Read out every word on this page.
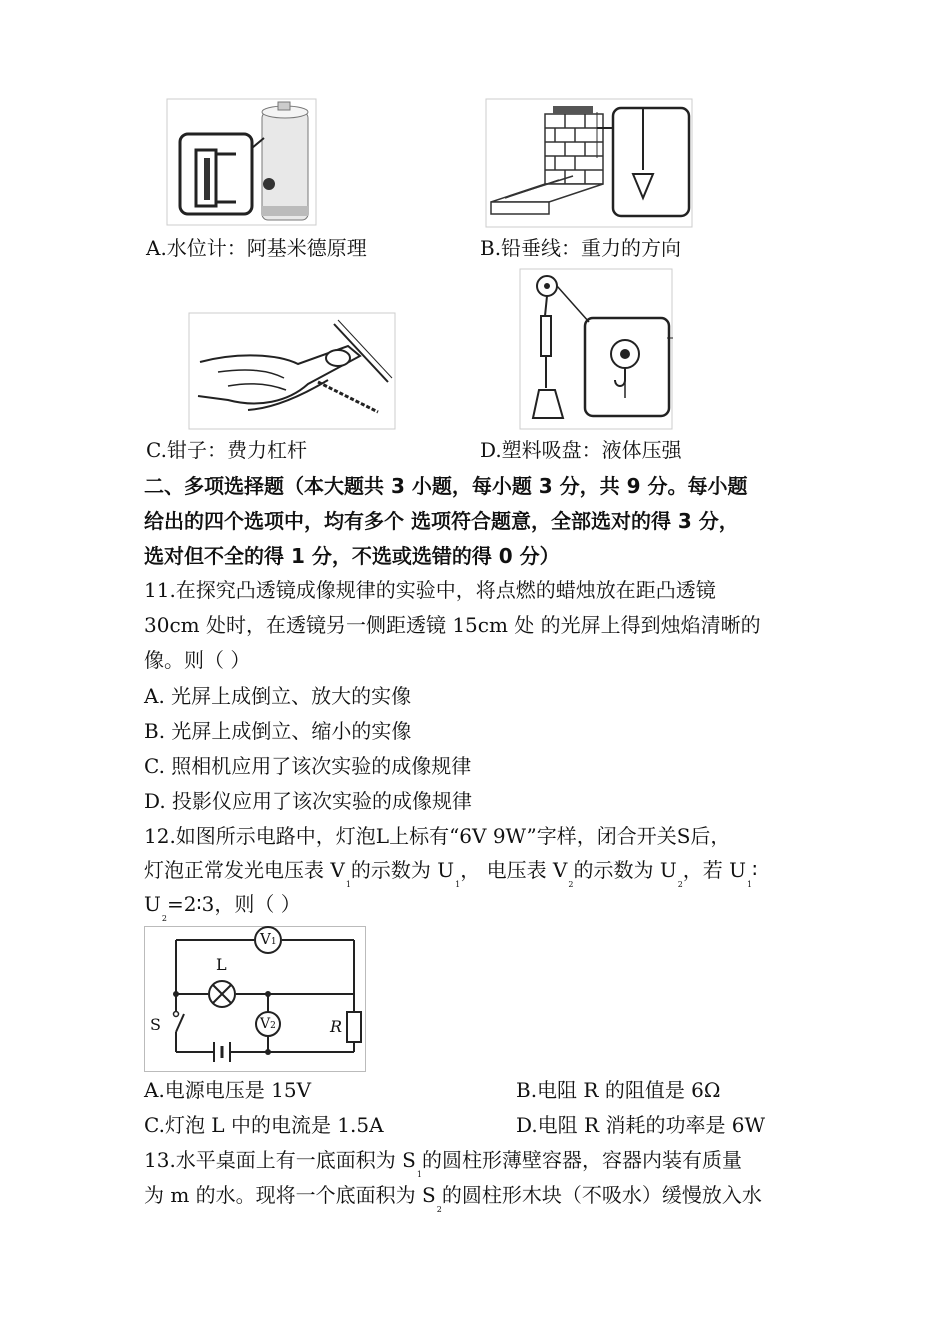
A.水位计：阿基米德原理	B.铅垂线：重力的方向
C.钳子：费力杠杆	D.塑料吸盘：液体压强
二、多项选择题（本大题共 3 小题，每小题 3 分，共 9 分。每小题
给出的四个选项中，均有多个 选项符合题意，全部选对的得 3 分，
选对但不全的得 1 分，不选或选错的得 0 分）
11.在探究凸透镜成像规律的实验中，将点燃的蜡烛放在距凸透镜
30cm 处时，在透镜另一侧距透镜 15cm 处 的光屏上得到烛焰清晰的
像。则（ ）
A. 光屏上成倒立、放大的实像
B. 光屏上成倒立、缩小的实像
C. 照相机应用了该次实验的成像规律
D. 投影仪应用了该次实验的成像规律
12.如图所示电路中，灯泡L上标有“6V 9W”字样，闭合开关S后，
灯泡正常发光电压表 $V_1$的示数为 $U_1$， 电压表 $V_2$的示数为 $U_2$，若 $U_1∶$
$U_2=2∶3$，则（ ）
V1
V2
L
S	R
A.电源电压是 15V	B.电阻 R 的阻值是 6Ω
C.灯泡 L 中的电流是 1.5A	D.电阻 R 消耗的功率是 6W
13.水平桌面上有一底面积为 $S_1$的圆柱形薄壁容器，容器内装有质量
为 m 的水。现将一个底面积为 $S_2$的圆柱形木块（不吸水）缓慢放入水
